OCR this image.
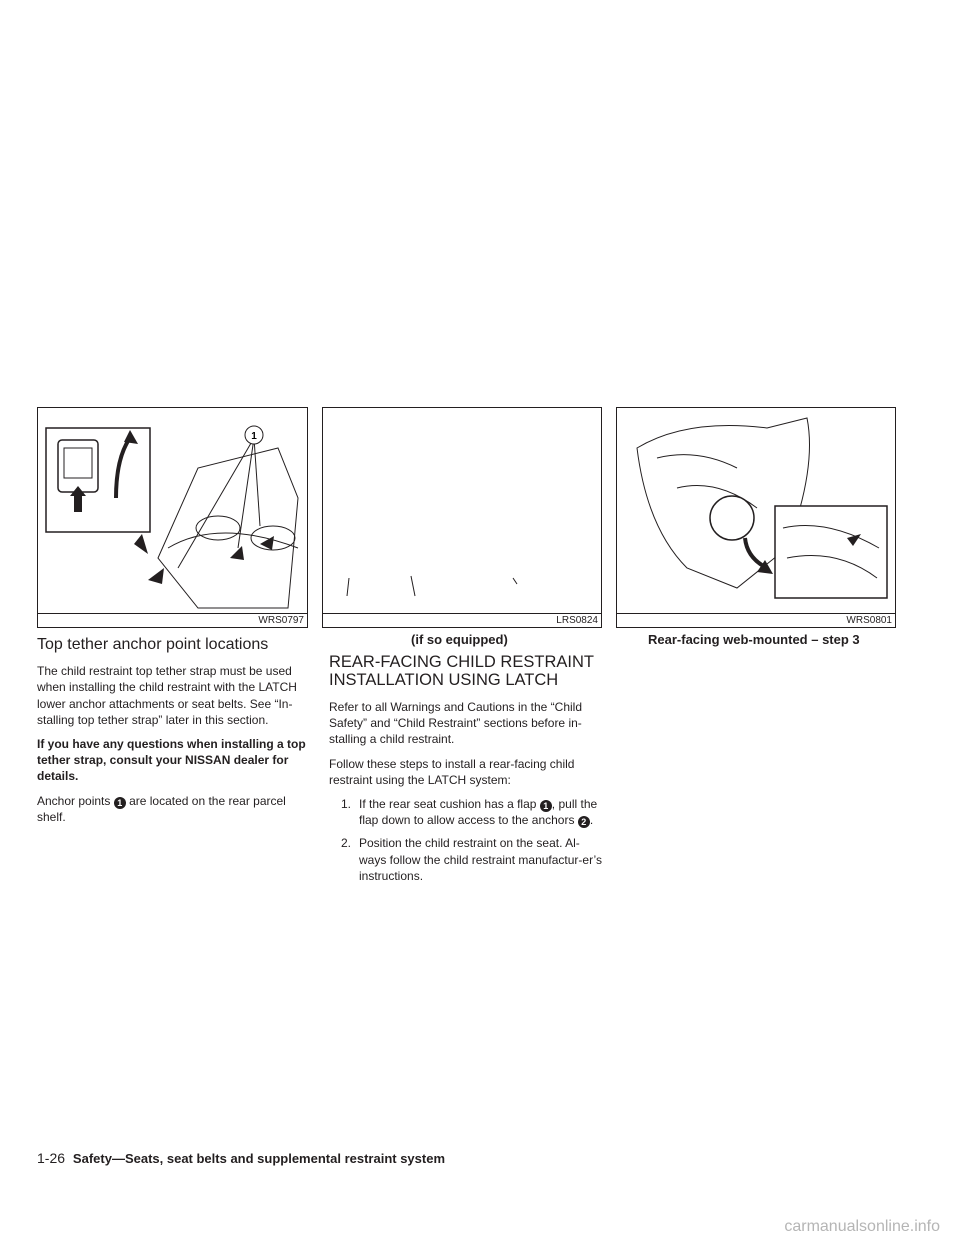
1
WRS0797	LRS0824	WRS0801
(if so equipped)	Rear-facing web-mounted – step 3
Top tether anchor point locations

The child restraint top tether strap must be used when installing the child restraint with the LATCH lower anchor attachments or seat belts. See “In-stalling top tether strap” later in this section.

If you have any questions when installing a top tether strap, consult your NISSAN dealer for details.

Anchor points 1 are located on the rear parcel shelf.

REAR-FACING CHILD RESTRAINT INSTALLATION USING LATCH

Refer to all Warnings and Cautions in the “Child Safety” and “Child Restraint” sections before in-stalling a child restraint.

Follow these steps to install a rear-facing child restraint using the LATCH system:

1. If the rear seat cushion has a flap 1 , pull the flap down to allow access to the anchors 2 .
2. Position the child restraint on the seat. Al-ways follow the child restraint manufactur-er’s instructions.
1-26 Safety—Seats, seat belts and supplemental restraint system
carmanualsonline.info
